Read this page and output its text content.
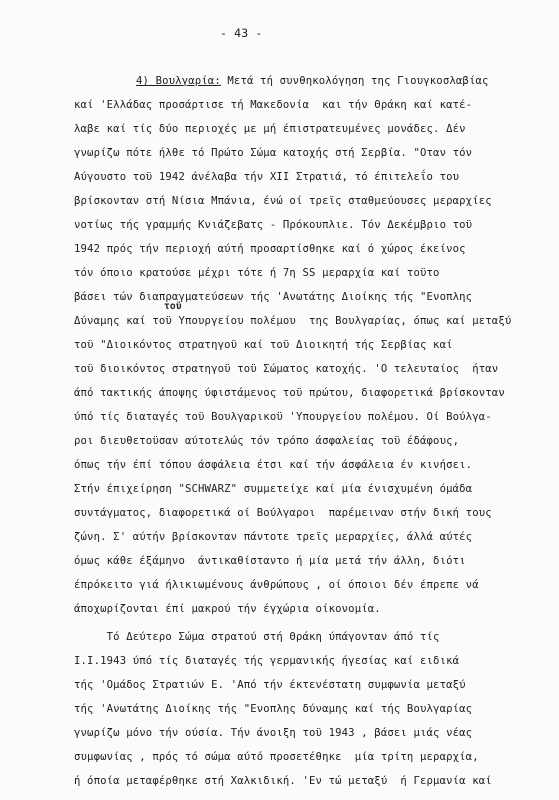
- 43 -
4) Βουλγαρία: Μετά τή συνθηκολόγηση της Γιουγκοσλαβίας
καί 'Ελλάδας προσάρτισε τή Μακεδονία  και τήν Θράκη καί κατέ-
λαβε καί τίς δύο περιοχές με μή έπιστρατευμένες μονάδες. Δέν
γνωρίζω πότε ήλθε τό Πρώτο Σώμα κατοχής στή Σερβία. "Οταν τόν
Αύγουστο τοϋ 1942 άνέλαβα τήν XII Στρατιά, τό έπιτελεΐο του
βρίσκονταν στή Νίσια Μπάνια, ένώ οί τρεϊς σταθμεύουσες μεραρχίες
νοτίως τής γραμμής Κνιάζεβατς - Πρόκουπλιε. Τόν Δεκέμβριο τοϋ
1942 πρός τήν περιοχή αύτή προσαρτίσθηκε καί ό χώρος έκείνος
τόν όποιο κρατούσε μέχρι τότε ή 7η SS μεραρχία καί τοϋτο
βάσει τών διαπραγματεύσεων τής 'Ανωτάτης Διοίκης τής "Ενοπλης
τοϋ
Δύναμης καί τοϋ Υπουργείου πολέμου  της Βουλγαρίας, όπως καί μεταξύ
τοϋ "Διοικόντος στρατηγοϋ καί τοϋ Διοικητή τής Σερβίας καί
τοϋ διοικόντος στρατηγοϋ τοϋ Σώματος κατοχής. 'Ο τελευταίος  ήταν
άπό τακτικής άποψης ύφιστάμενος τοϋ πρώτου, διαφορετικά βρίσκονταν
ύπό τίς διαταγές τοϋ Βουλγαρικοϋ 'Υπουργείου πολέμου. Οί Βούλγα-
ροι διευθετοϋσαν αύτοτελώς τόν τρόπο άσφαλείας τοϋ έδάφους,
όπως τήν έπί τόπου άσφάλεια έτσι καί τήν άσφάλεια έν κινήσει.
Στήν έπιχείρηση "SCHWARZ" συμμετείχε καί μία ένισχυμένη όμάδα
συντάγματος, διαφορετικά οί Βούλγαροι  παρέμειναν στήν δική τους
ζώνη. Σ' αύτήν βρίσκονταν πάντοτε τρεϊς μεραρχίες, άλλά αύτές
όμως κάθε έξάμηνο  άντικαθίσταντο ή μία μετά τήν άλλη, διότι
έπρόκειτο γιά ήλικιωμένους άνθρώπους , οί όποιοι δέν έπρεπε νά
άποχωρίζονται έπί μακρού τήν έγχώρια οίκονομία.
Τό Δεύτερο Σώμα στρατού στή Θράκη ύπάγονταν άπό τίς
I.I.1943 ύπό τίς διαταγές τής γερμανικής ήγεσίας καί ειδικά
τής 'Ομάδος Στρατιών Ε. 'Από τήν έκτενέστατη συμφωνία μεταξύ
τής 'Ανωτάτης Διοίκης τής "Ενοπλης δύναμης καί τής Βουλγαρίας
γνωρίζω μόνο τήν ούσία. Τήν άνοιξη τοϋ 1943 , βάσει μιάς νέας
συμφωνίας , πρός τό σώμα αύτό προσετέθηκε  μία τρίτη μεραρχία,
ή όποία μεταφέρθηκε στή Χαλκιδική. 'Εν τώ μεταξύ  ή Γερμανία καί
